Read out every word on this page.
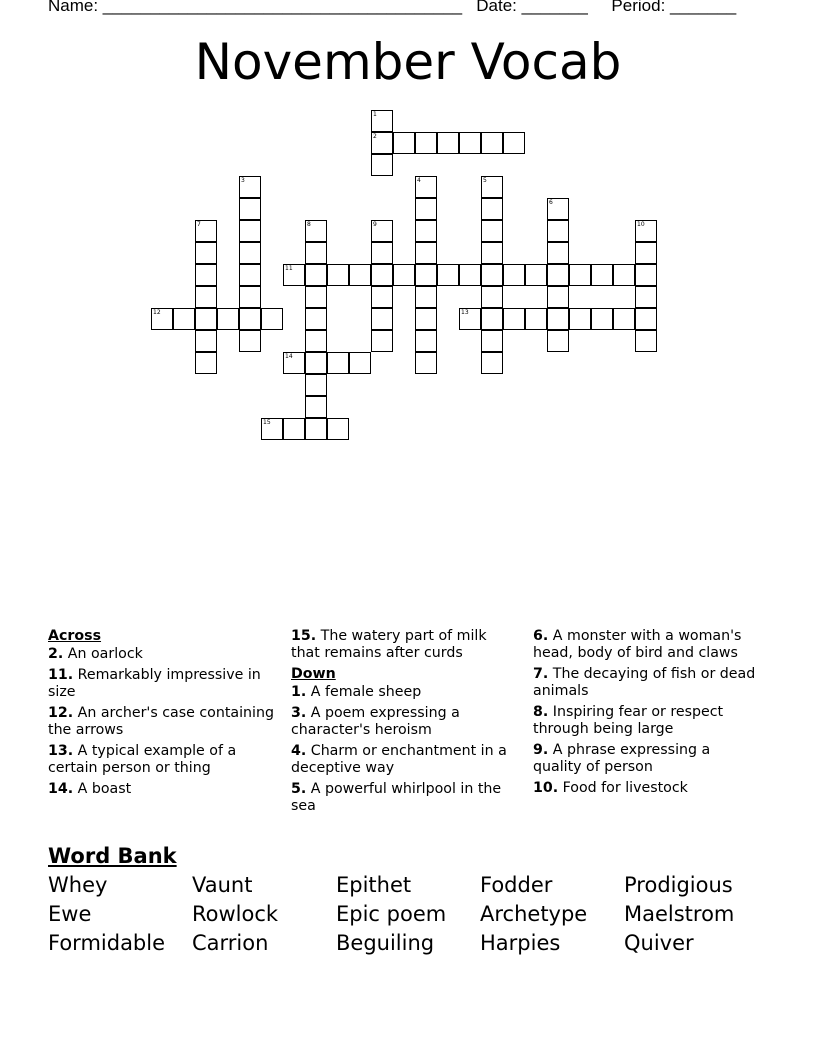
Name: ______________________________________ Date: _______ Period: _______
November Vocab
2
11
12	13
14
15
1
3	4	5
6
7	8	9	10
Across
2. An oarlock
11. Remarkably impressive in size
12. An archer's case containing the arrows
13. A typical example of a certain person or thing
14. A boast
15. The watery part of milk that remains after curds
Down
1. A female sheep
3. A poem expressing a character's heroism
4. Charm or enchantment in a deceptive way
5. A powerful whirlpool in the sea
6. A monster with a woman's head, body of bird and claws
7. The decaying of fish or dead animals
8. Inspiring fear or respect through being large
9. A phrase expressing a quality of person
10. Food for livestock
Word Bank
Whey	Vaunt	Epithet	Fodder	Prodigious
Ewe	Rowlock	Epic poem	Archetype	Maelstrom
Formidable	Carrion	Beguiling	Harpies	Quiver
